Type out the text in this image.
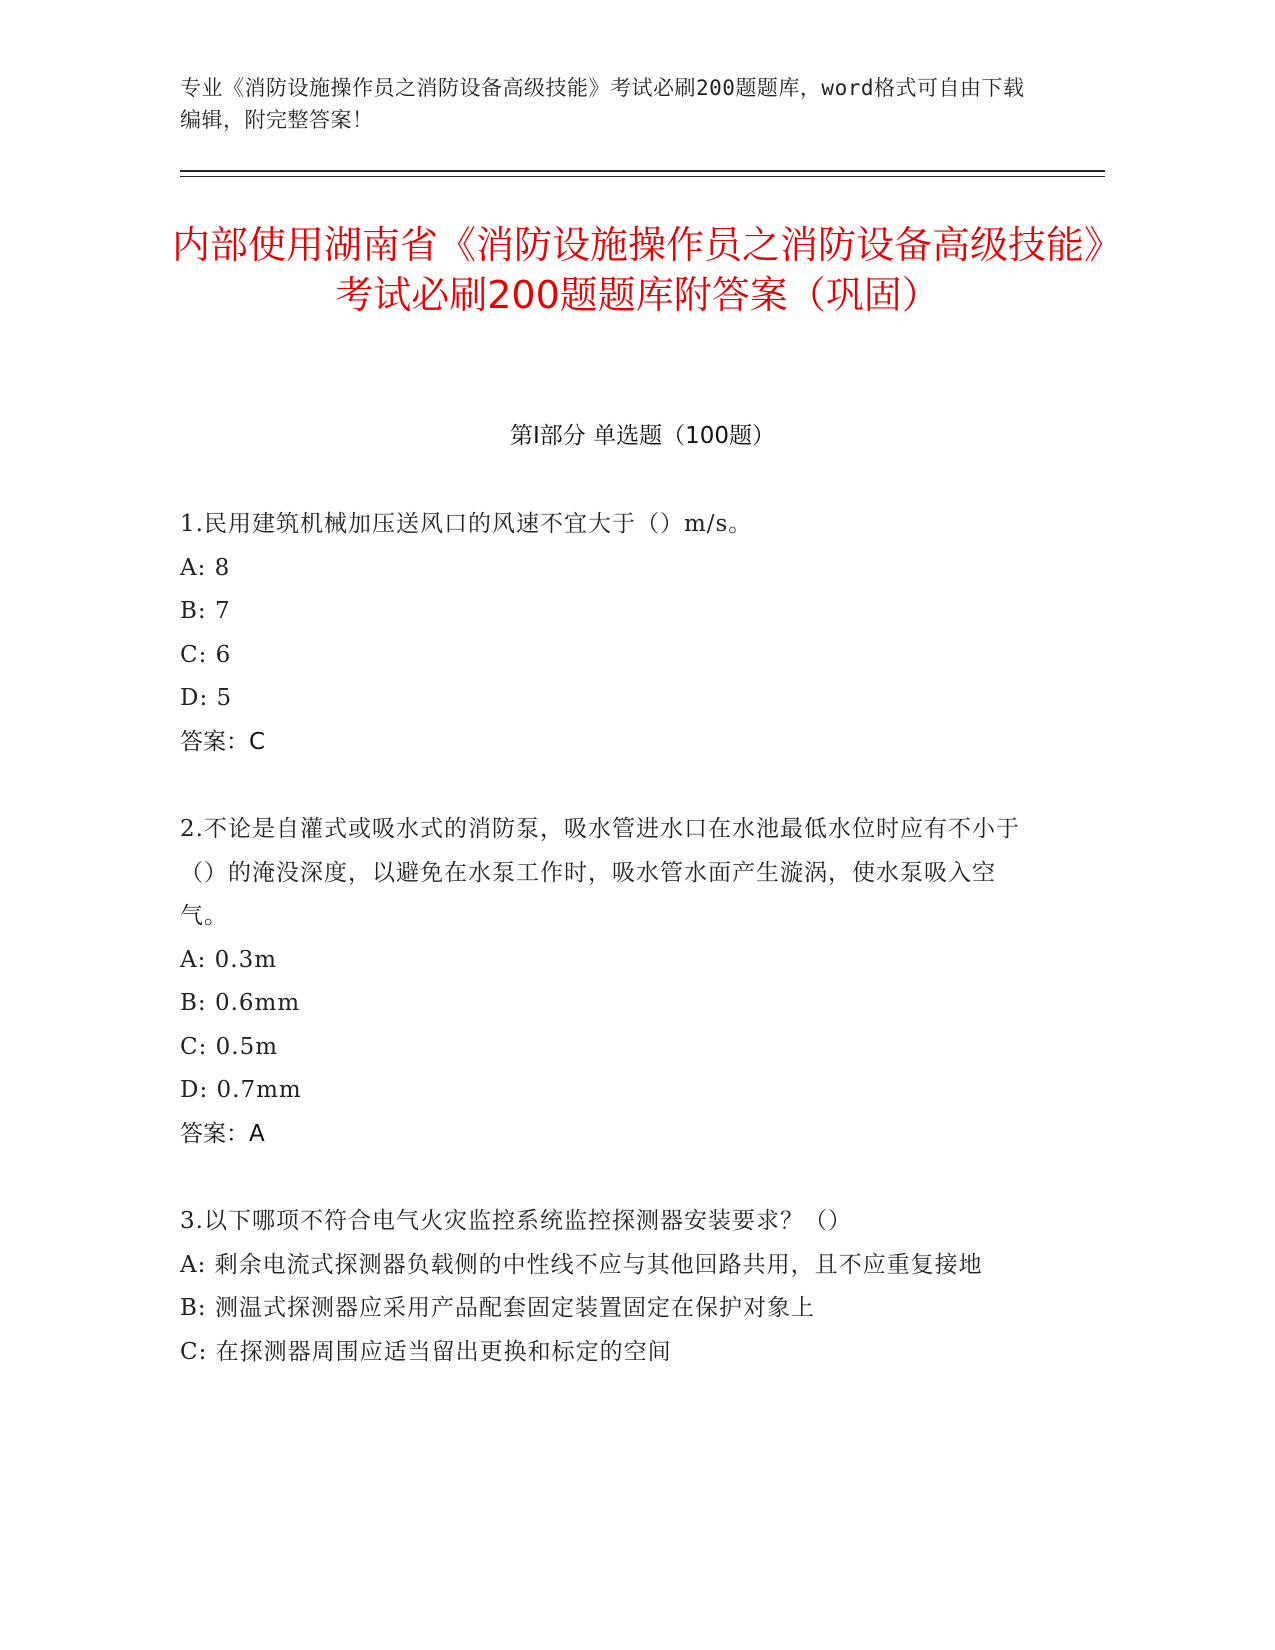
专业《消防设施操作员之消防设备高级技能》考试必刷200题题库，word格式可自由下载编辑，附完整答案！
内部使用湖南省《消防设施操作员之消防设备高级技能》考试必刷200题题库附答案（巩固）
第Ⅰ部分 单选题（100题）

1.民用建筑机械加压送风口的风速不宜大于（）m/s。

A: 8

B: 7

C: 6

D: 5

答案：C

2.不论是自灌式或吸水式的消防泵，吸水管进水口在水池最低水位时应有不小于（）的淹没深度，以避免在水泵工作时，吸水管水面产生漩涡，使水泵吸入空气。

A: 0.3m

B: 0.6mm

C: 0.5m

D: 0.7mm

答案：A

3.以下哪项不符合电气火灾监控系统监控探测器安装要求？（）

A: 剩余电流式探测器负载侧的中性线不应与其他回路共用，且不应重复接地

B: 测温式探测器应采用产品配套固定装置固定在保护对象上

C: 在探测器周围应适当留出更换和标定的空间
